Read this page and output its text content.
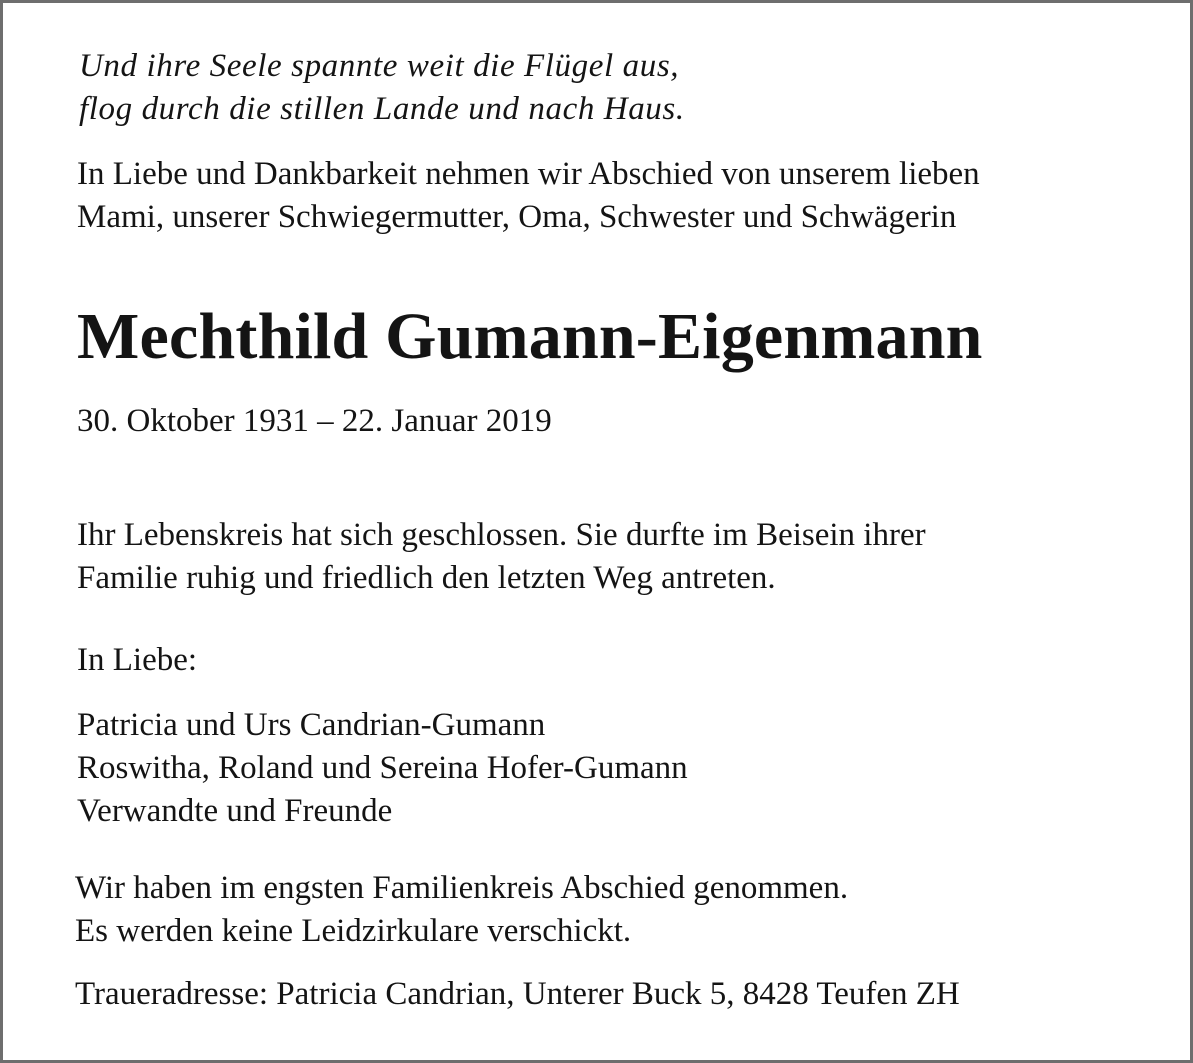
Und ihre Seele spannte weit die Flügel aus,
flog durch die stillen Lande und nach Haus.

In Liebe und Dankbarkeit nehmen wir Abschied von unserem lieben
Mami, unserer Schwiegermutter, Oma, Schwester und Schwägerin

Mechthild Gumann-Eigenmann

30. Oktober 1931 – 22. Januar 2019

Ihr Lebenskreis hat sich geschlossen. Sie durfte im Beisein ihrer
Familie ruhig und friedlich den letzten Weg antreten.

In Liebe:

Patricia und Urs Candrian-Gumann
Roswitha, Roland und Sereina Hofer-Gumann
Verwandte und Freunde

Wir haben im engsten Familienkreis Abschied genommen.
Es werden keine Leidzirkulare verschickt.

Traueradresse: Patricia Candrian, Unterer Buck 5, 8428 Teufen ZH
